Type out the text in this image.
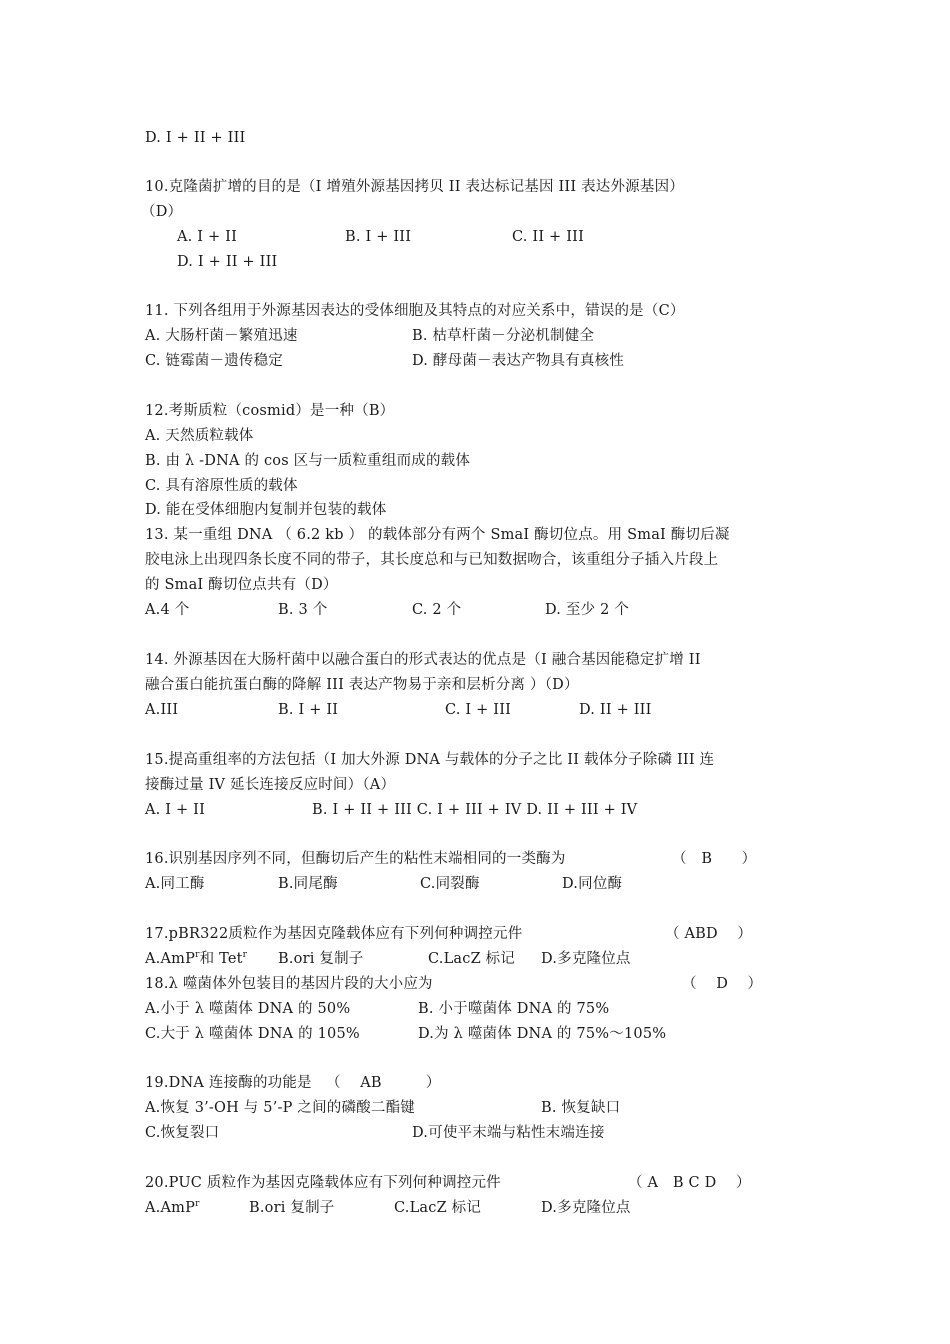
D. I + II + III
10.克隆菌扩增的目的是（I 增殖外源基因拷贝 II 表达标记基因 III 表达外源基因）
（D）
A. I + II	B. I + III	C. II + III
D. I + II + III
11. 下列各组用于外源基因表达的受体细胞及其特点的对应关系中，错误的是（C）
A. 大肠杆菌－繁殖迅速	B. 枯草杆菌－分泌机制健全
C. 链霉菌－遗传稳定	D. 酵母菌－表达产物具有真核性
12.考斯质粒（cosmid）是一种（B）
A. 天然质粒载体
B. 由 λ -DNA 的 cos 区与一质粒重组而成的载体
C. 具有溶原性质的载体
D. 能在受体细胞内复制并包装的载体
13. 某一重组 DNA （ 6.2 kb ） 的载体部分有两个 SmaI 酶切位点。用 SmaI 酶切后凝
胶电泳上出现四条长度不同的带子，其长度总和与已知数据吻合，该重组分子插入片段上
的 SmaI 酶切位点共有（D）
A.4 个	B. 3 个	C. 2 个	D. 至少 2 个
14. 外源基因在大肠杆菌中以融合蛋白的形式表达的优点是（I 融合基因能稳定扩增 II
融合蛋白能抗蛋白酶的降解 III 表达产物易于亲和层析分离 ）（D）
A.III	B. I + II	C. I + III	D. II + III
15.提高重组率的方法包括（I 加大外源 DNA 与载体的分子之比 II 载体分子除磷 III 连
接酶过量 IV 延长连接反应时间）（A）
A. I + II	B. I + II + III C. I + III + IV D. II + III + IV
16.识别基因序列不同，但酶切后产生的粘性末端相同的一类酶为	（　B　　）
A.同工酶	B.同尾酶	C.同裂酶	D.同位酶
17.pBR322质粒作为基因克隆载体应有下列何种调控元件	（ ABD　 ）
A.AmP$^r$和 Tet$^r$ B.ori 复制子	C.LacZ 标记 D.多克隆位点
18.λ 噬菌体外包装目的基因片段的大小应为	（　 D　 ）
A.小于 λ 噬菌体 DNA 的 50%	B. 小于噬菌体 DNA 的 75%
C.大于 λ 噬菌体 DNA 的 105%	D.为 λ 噬菌体 DNA 的 75%～105%
19.DNA 连接酶的功能是 （　 AB　　　）
A.恢复 3’-OH 与 5’-P 之间的磷酸二酯键	B. 恢复缺口
C.恢复裂口	D.可使平末端与粘性末端连接
20.PUC 质粒作为基因克隆载体应有下列何种调控元件	（ A　B C D　 ）
A.AmP$^r$	B.ori 复制子	C.LacZ 标记	D.多克隆位点
